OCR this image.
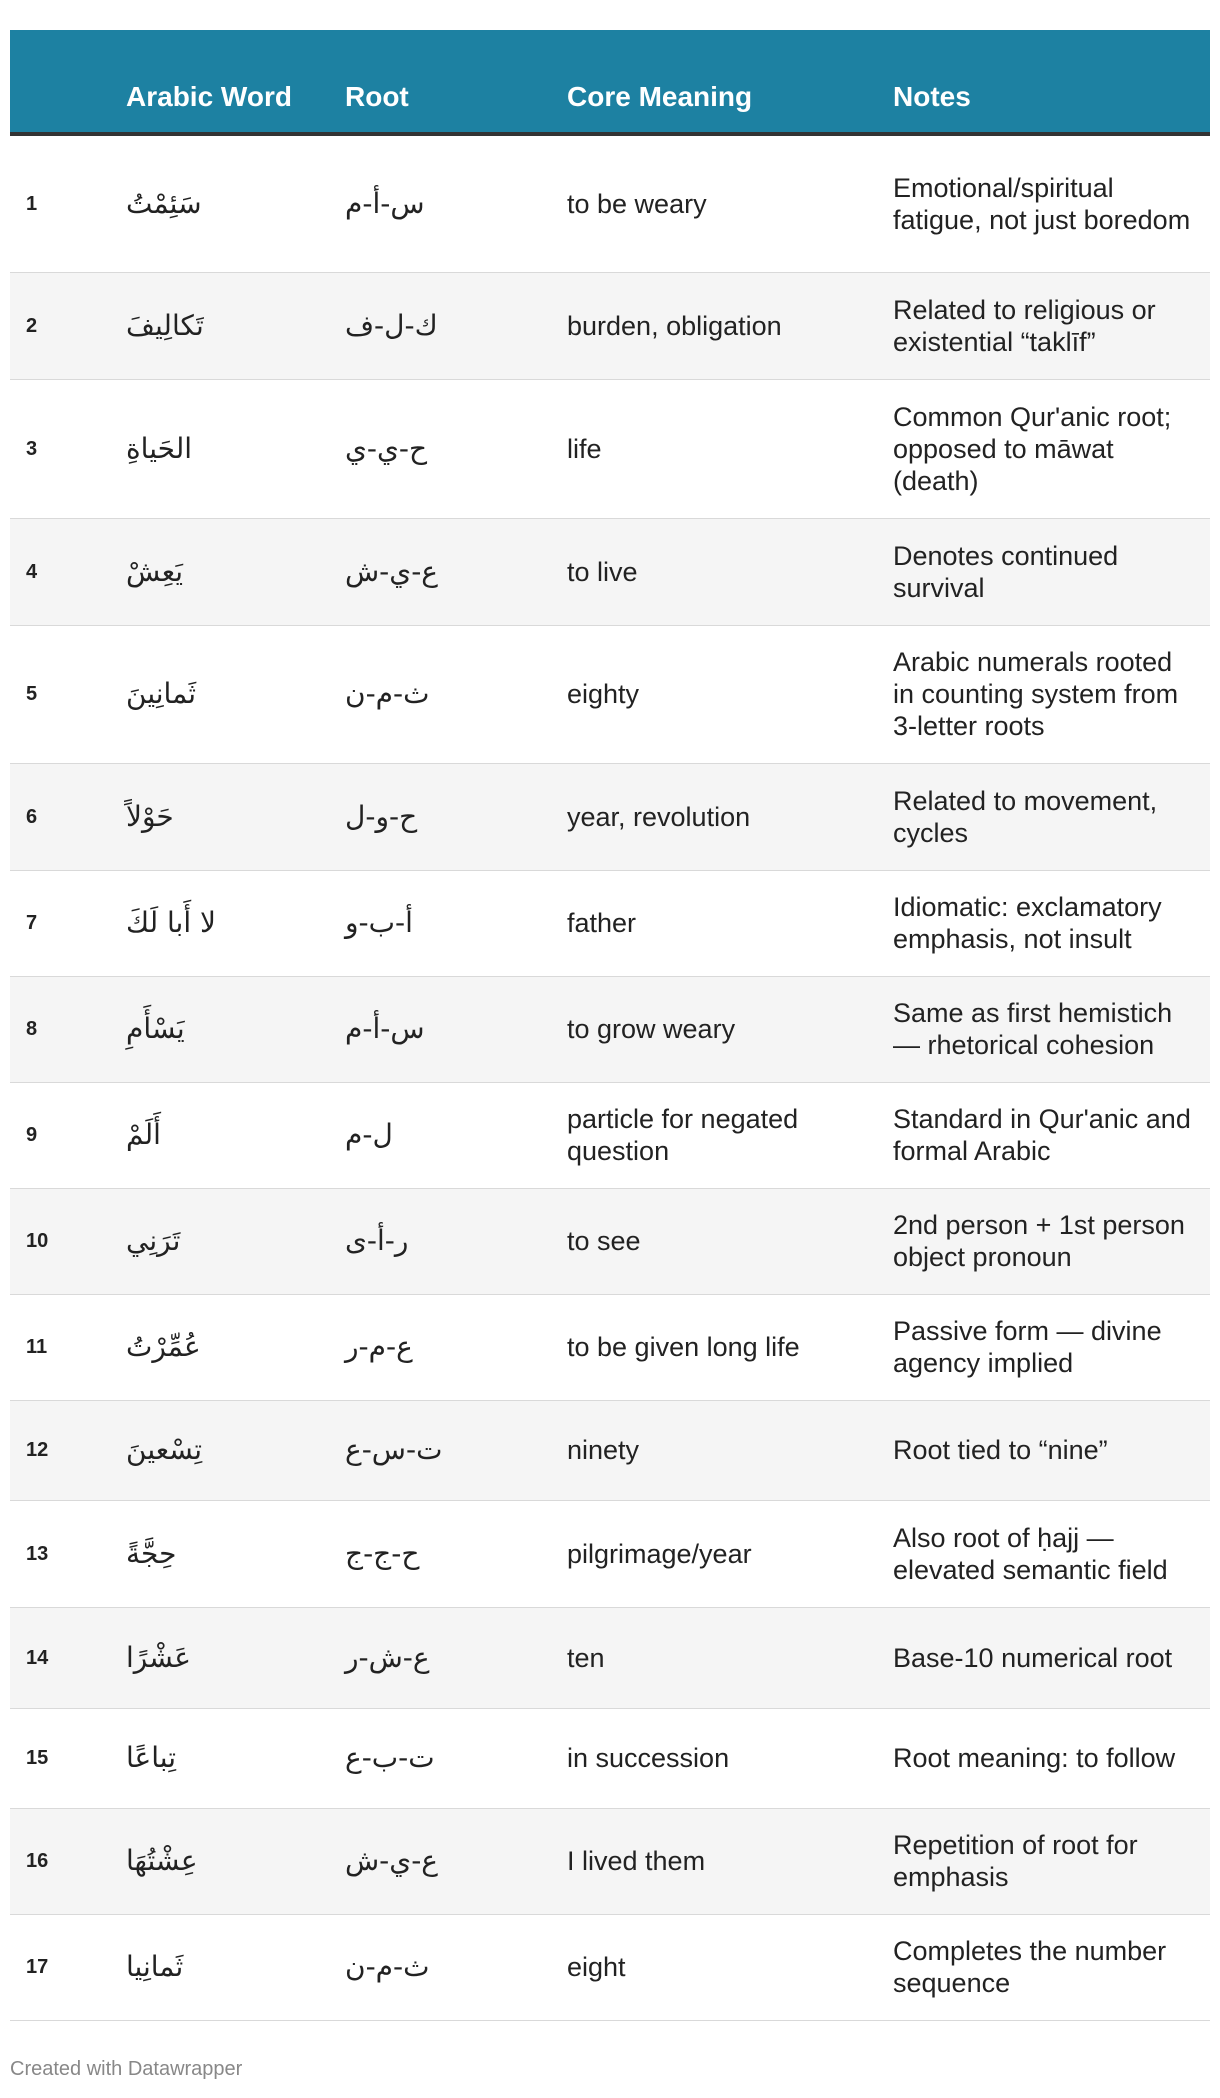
	Arabic Word	Root	Core Meaning	Notes
1	سَئِمْتُ	س-أ-م	to be weary	Emotional/spiritual fatigue, not just boredom
2	تَكالِيفَ	ك-ل-ف	burden, obligation	Related to religious or existential “taklīf”
3	الحَياةِ	ح-ي-ي	life	Common Qur'anic root; opposed to māwat (death)
4	يَعِشْ	ع-ي-ش	to live	Denotes continued survival
5	ثَمانِينَ	ث-م-ن	eighty	Arabic numerals rooted in counting system from 3-letter roots
6	حَوْلاً	ح-و-ل	year, revolution	Related to movement, cycles
7	لا أَبا لَكَ	أ-ب-و	father	Idiomatic: exclamatory emphasis, not insult
8	يَسْأَمِ	س-أ-م	to grow weary	Same as first hemistich — rhetorical cohesion
9	أَلَمْ	ل-م	particle for negated question	Standard in Qur'anic and formal Arabic
10	تَرَنِي	ر-أ-ى	to see	2nd person + 1st person object pronoun
11	عُمِّرْتُ	ع-م-ر	to be given long life	Passive form — divine agency implied
12	تِسْعينَ	ت-س-ع	ninety	Root tied to “nine”
13	حِجَّةً	ح-ج-ج	pilgrimage/year	Also root of ḥajj — elevated semantic field
14	عَشْرًا	ع-ش-ر	ten	Base-10 numerical root
15	تِباعًا	ت-ب-ع	in succession	Root meaning: to follow
16	عِشْتُهَا	ع-ي-ش	I lived them	Repetition of root for emphasis
17	ثَمانِيا	ث-م-ن	eight	Completes the number sequence
Created with Datawrapper
